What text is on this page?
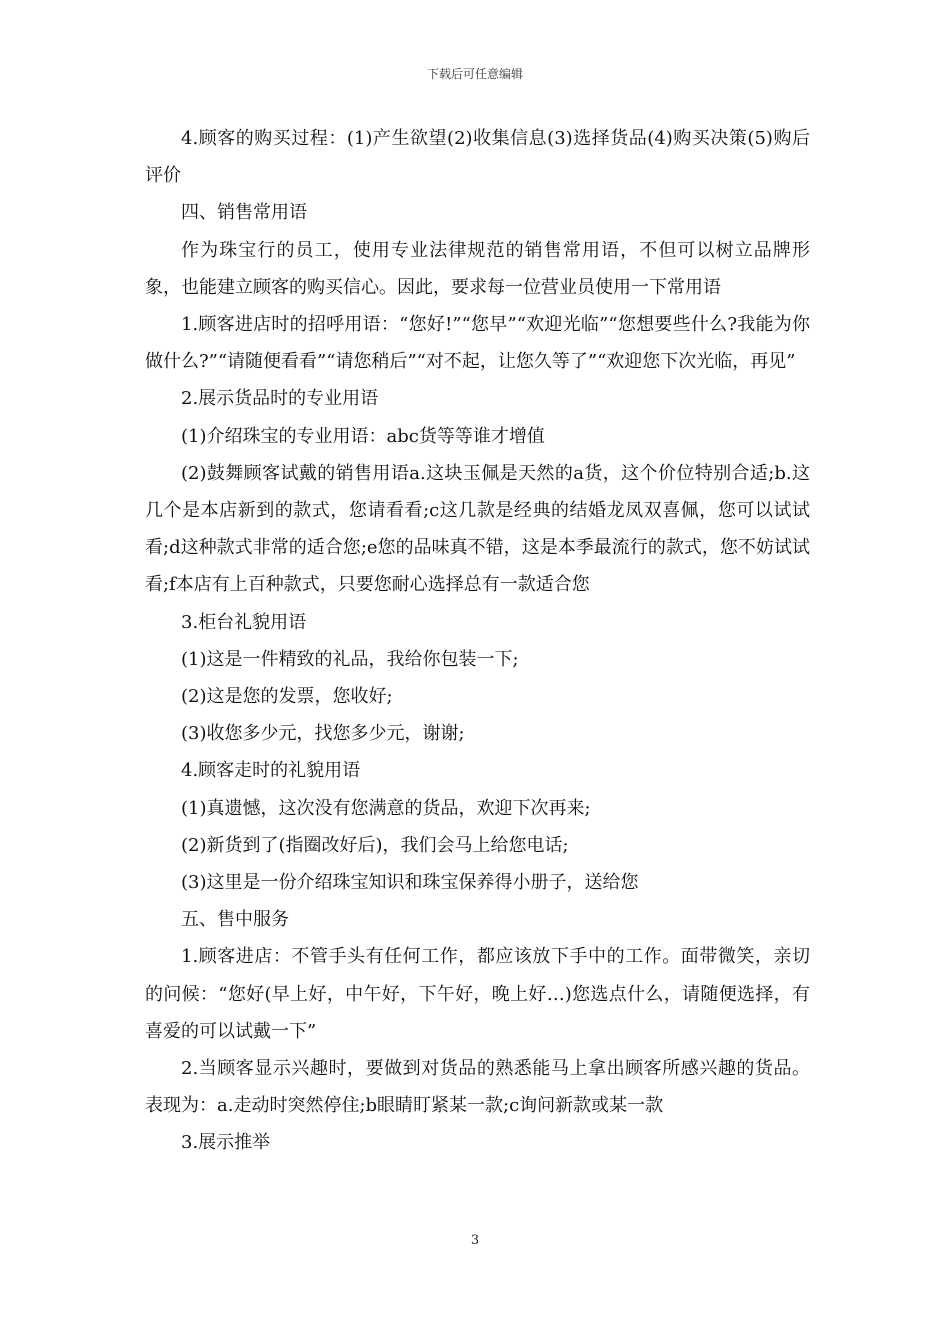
下载后可任意编辑

4.顾客的购买过程：(1)产生欲望(2)收集信息(3)选择货品(4)购买决策(5)购后评价

四、销售常用语

作为珠宝行的员工，使用专业法律规范的销售常用语，不但可以树立品牌形象，也能建立顾客的购买信心。因此，要求每一位营业员使用一下常用语

1.顾客进店时的招呼用语：“您好!”“您早”“欢迎光临”“您想要些什么?我能为你做什么?”“请随便看看”“请您稍后”“对不起，让您久等了”“欢迎您下次光临，再见”

2.展示货品时的专业用语

(1)介绍珠宝的专业用语：abc货等等谁才增值

(2)鼓舞顾客试戴的销售用语a.这块玉佩是天然的a货，这个价位特别合适;b.这几个是本店新到的款式，您请看看;c这几款是经典的结婚龙凤双喜佩，您可以试试看;d这种款式非常的适合您;e您的品味真不错，这是本季最流行的款式，您不妨试试看;f本店有上百种款式，只要您耐心选择总有一款适合您

3.柜台礼貌用语

(1)这是一件精致的礼品，我给你包装一下;

(2)这是您的发票，您收好;

(3)收您多少元，找您多少元，谢谢;

4.顾客走时的礼貌用语

(1)真遗憾，这次没有您满意的货品，欢迎下次再来;

(2)新货到了(指圈改好后)，我们会马上给您电话;

(3)这里是一份介绍珠宝知识和珠宝保养得小册子，送给您

五、售中服务

1.顾客进店：不管手头有任何工作，都应该放下手中的工作。面带微笑，亲切的问候：“您好(早上好，中午好，下午好，晚上好…)您选点什么，请随便选择，有喜爱的可以试戴一下”

2.当顾客显示兴趣时，要做到对货品的熟悉能马上拿出顾客所感兴趣的货品。表现为：a.走动时突然停住;b眼睛盯紧某一款;c询问新款或某一款

3.展示推举

3
